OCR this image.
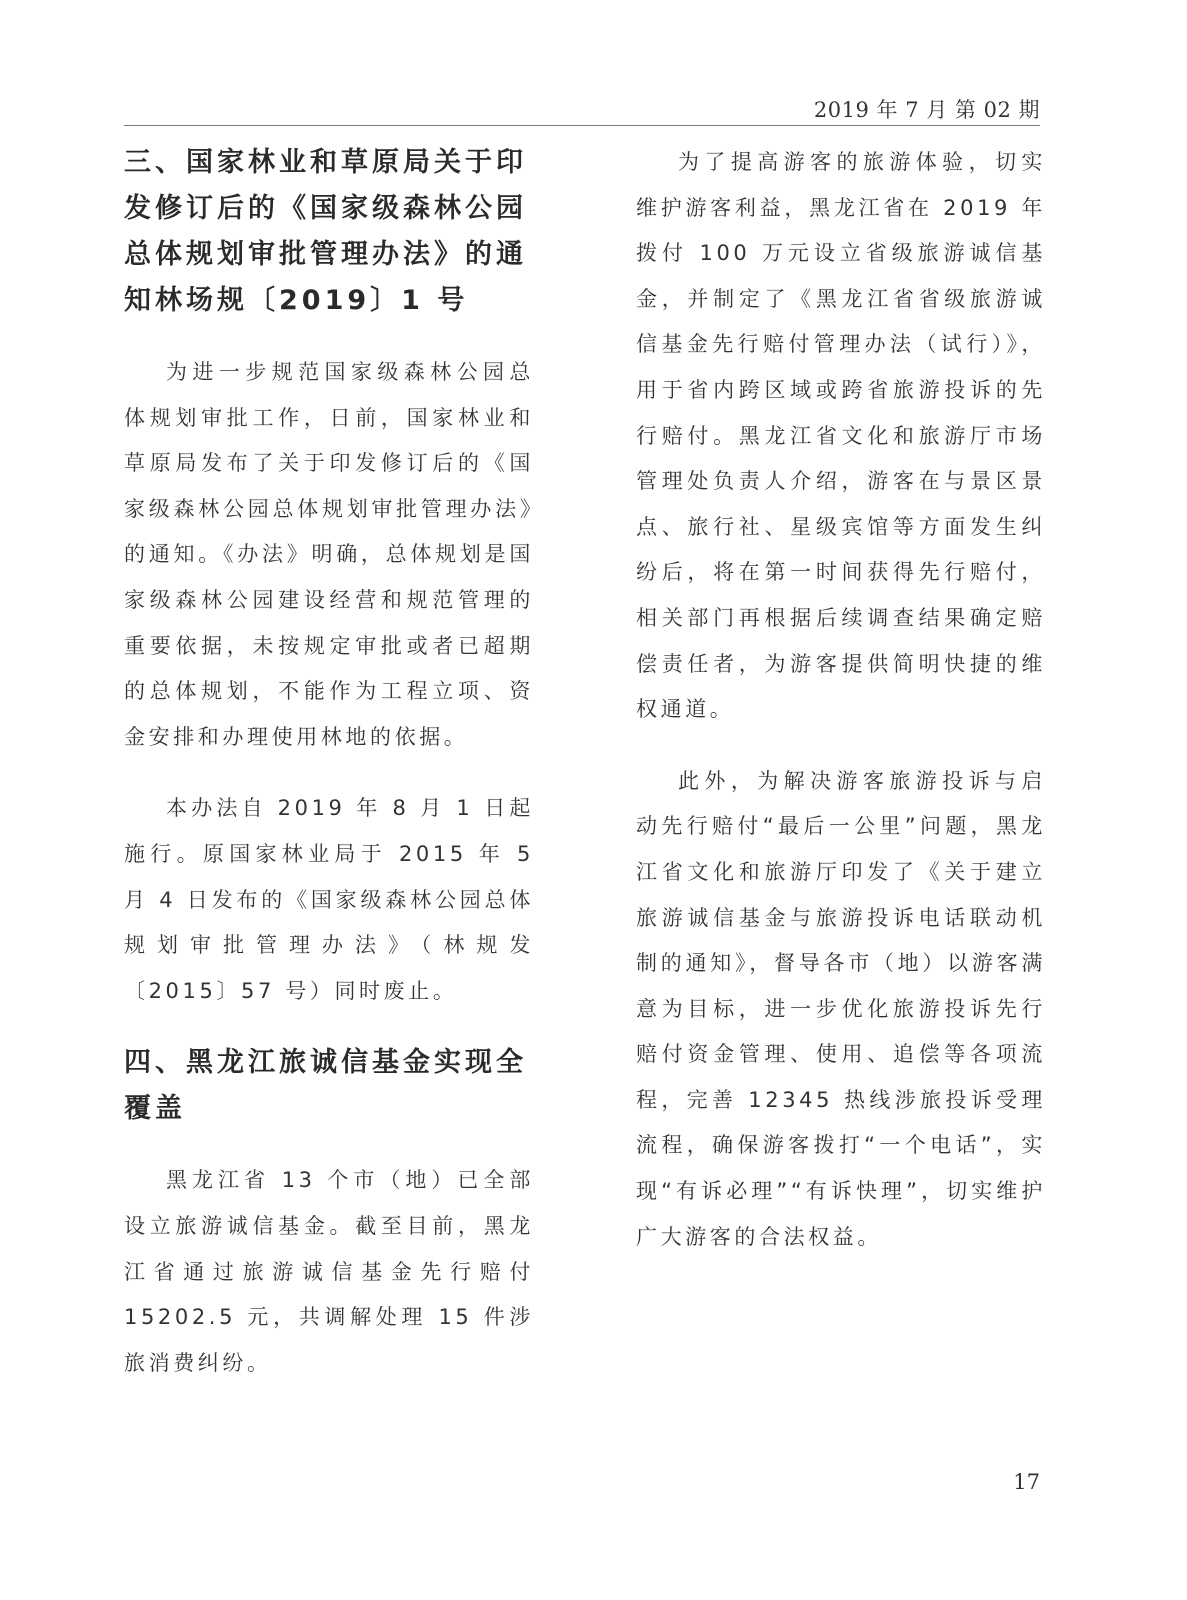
2019 年 7 月 第 02 期
三、国家林业和草原局关于印发修订后的《国家级森林公园总体规划审批管理办法》的通知林场规〔2019〕1 号

为进一步规范国家级森林公园总体规划审批工作，日前，国家林业和草原局发布了关于印发修订后的《国家级森林公园总体规划审批管理办法》的通知。《办法》明确，总体规划是国家级森林公园建设经营和规范管理的重要依据，未按规定审批或者已超期的总体规划，不能作为工程立项、资金安排和办理使用林地的依据。

本办法自 2019 年 8 月 1 日起施行。原国家林业局于 2015 年 5 月 4 日发布的《国家级森林公园总体规划审批管理办法》（林规发〔2015〕57 号）同时废止。

四、黑龙江旅诚信基金实现全覆盖

黑龙江省 13 个市（地）已全部设立旅游诚信基金。截至目前，黑龙江省通过旅游诚信基金先行赔付 15202.5 元，共调解处理 15 件涉旅消费纠纷。

为了提高游客的旅游体验，切实维护游客利益，黑龙江省在 2019 年拨付 100 万元设立省级旅游诚信基金，并制定了《黑龙江省省级旅游诚信基金先行赔付管理办法（试行）》，用于省内跨区域或跨省旅游投诉的先行赔付。黑龙江省文化和旅游厅市场管理处负责人介绍，游客在与景区景点、旅行社、星级宾馆等方面发生纠纷后，将在第一时间获得先行赔付，相关部门再根据后续调查结果确定赔偿责任者，为游客提供简明快捷的维权通道。

此外，为解决游客旅游投诉与启动先行赔付“最后一公里”问题，黑龙江省文化和旅游厅印发了《关于建立旅游诚信基金与旅游投诉电话联动机制的通知》，督导各市（地）以游客满意为目标，进一步优化旅游投诉先行赔付资金管理、使用、追偿等各项流程，完善 12345 热线涉旅投诉受理流程，确保游客拨打“一个电话”，实现“有诉必理”“有诉快理”，切实维护广大游客的合法权益。

17
